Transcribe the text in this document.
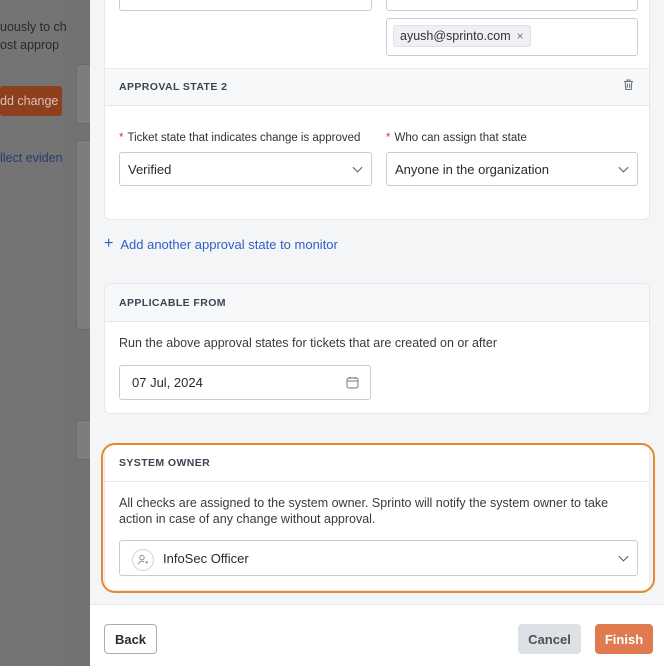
uously to ch
ost approp
dd change
llect eviden
ayush@sprinto.com ×
APPROVAL STATE 2
* Ticket state that indicates change is approved
Verified
* Who can assign that state
Anyone in the organization
+ Add another approval state to monitor
APPLICABLE FROM
Run the above approval states for tickets that are created on or after
07 Jul, 2024
SYSTEM OWNER
All checks are assigned to the system owner. Sprinto will notify the system owner to take action in case of any change without approval.
InfoSec Officer
Back	Cancel	Finish
